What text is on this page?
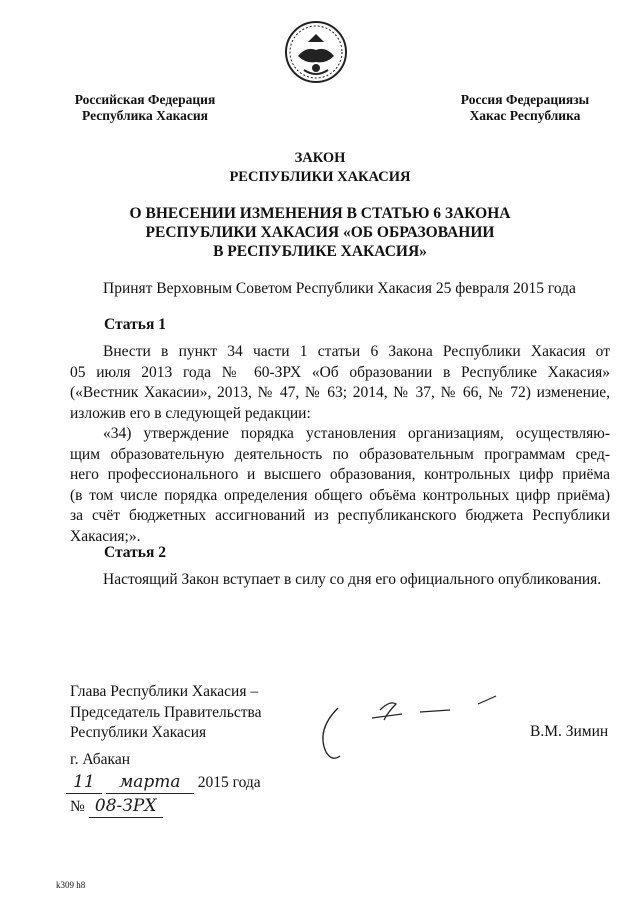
Российская Федерация
Республика Хакасия
Россия Федерациязы
Хакас Республика
ЗАКОН
РЕСПУБЛИКИ ХАКАСИЯ
О ВНЕСЕНИИ ИЗМЕНЕНИЯ В СТАТЬЮ 6 ЗАКОНА
РЕСПУБЛИКИ ХАКАСИЯ «ОБ ОБРАЗОВАНИИ
В РЕСПУБЛИКЕ ХАКАСИЯ»
Принят Верховным Советом Республики Хакасия 25 февраля 2015 года
Статья 1
Внести в пункт 34 части 1 статьи 6 Закона Республики Хакасия от
05 июля 2013 года № 60-ЗРХ «Об образовании в Республике Хакасия»
(«Вестник Хакасии», 2013, № 47, № 63; 2014, № 37, № 66, № 72) изменение,
изложив его в следующей редакции:
«34) утверждение порядка установления организациям, осуществляю-
щим образовательную деятельность по образовательным программам сред-
него профессионального и высшего образования, контрольных цифр приёма
(в том числе порядка определения общего объёма контрольных цифр приёма)
за счёт бюджетных ассигнований из республиканского бюджета Республики
Хакасия;».
Статья 2
Настоящий Закон вступает в силу со дня его официального опубликования.
Глава Республики Хакасия –
Председатель Правительства
Республики Хакасия	В.М. Зимин
г. Абакан
11 марта 2015 года
№ 08-ЗРХ
k309 h8
